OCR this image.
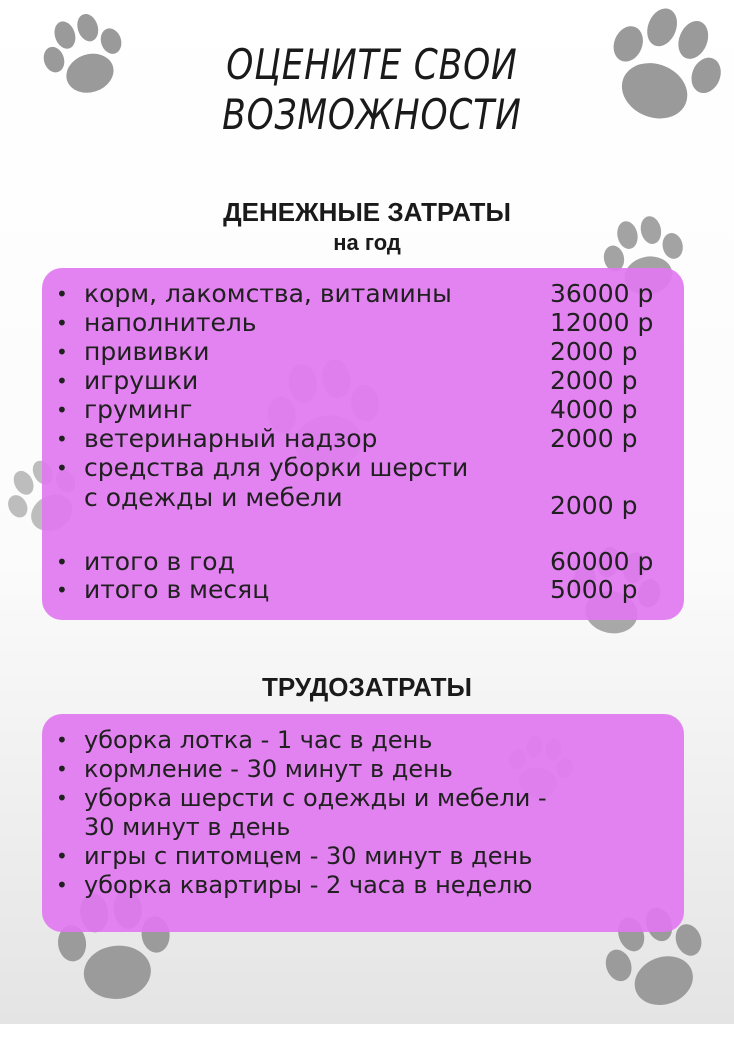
ОЦЕНИТЕ СВОИ
ВОЗМОЖНОСТИ
ДЕНЕЖНЫЕ ЗАТРАТЫ
на год
• корм, лакомства, витамины	36000 р
• наполнитель	12000 р
• прививки	2000 р
• игрушки	2000 р
• груминг	4000 р
• ветеринарный надзор	2000 р
• средства для уборки шерсти
с одежды и мебели	2000 р
• итого в год	60000 р
• итого в месяц	5000 р
ТРУДОЗАТРАТЫ
• уборка лотка - 1 час в день
• кормление - 30 минут в день
• уборка шерсти с одежды и мебели -
30 минут в день
• игры с питомцем - 30 минут в день
• уборка квартиры - 2 часа в неделю
